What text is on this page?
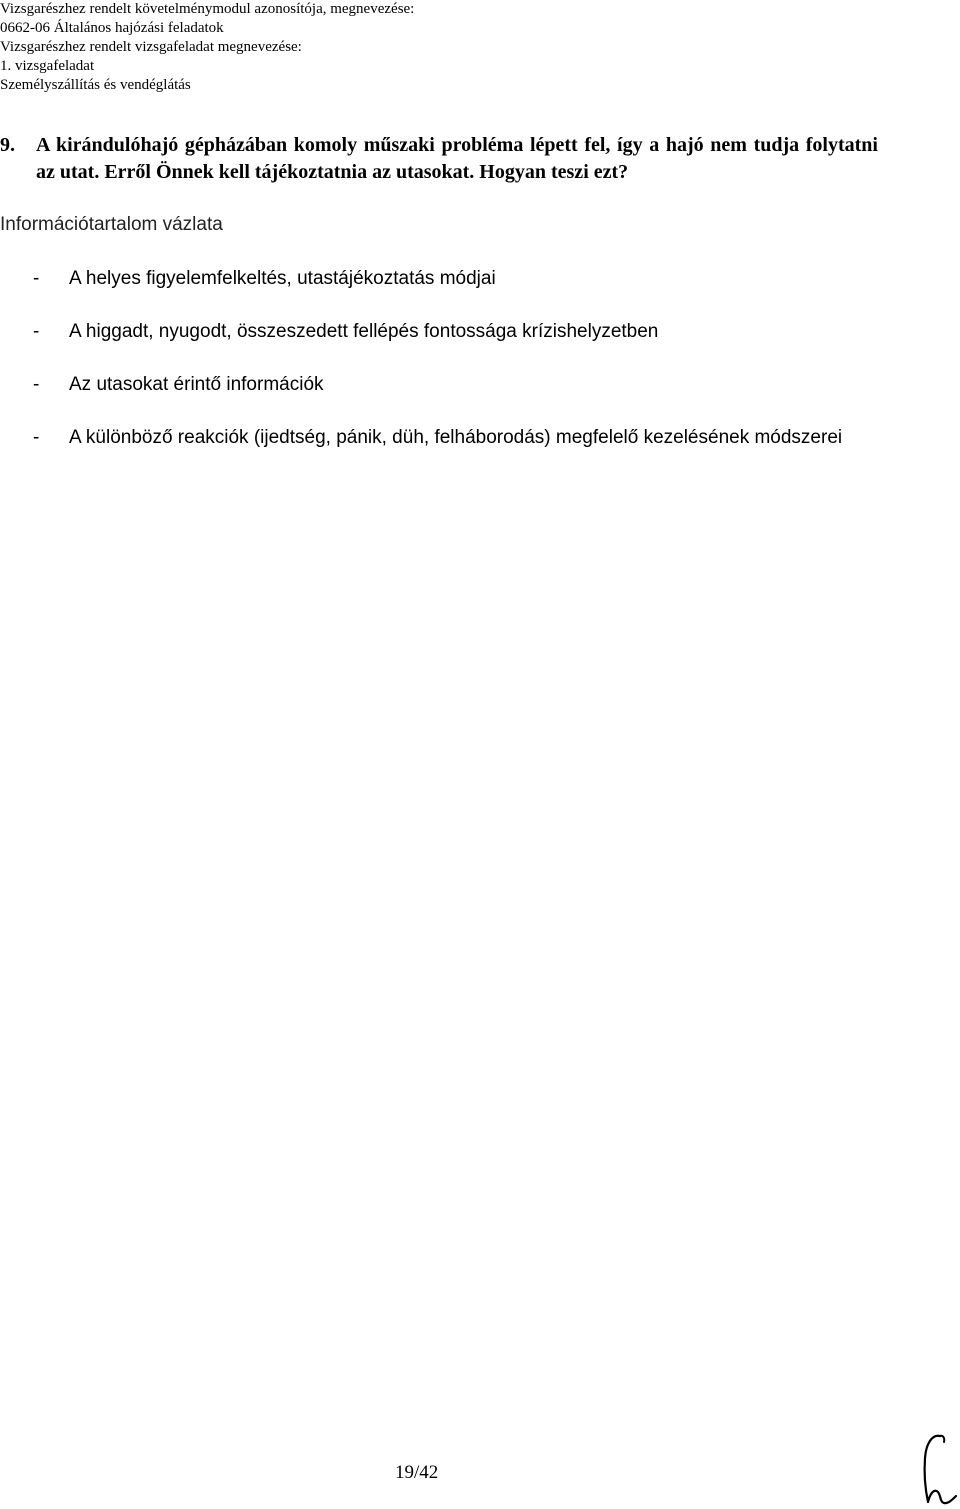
Vizsgarészhez rendelt követelménymodul azonosítója, megnevezése:
0662-06 Általános hajózási feladatok
Vizsgarészhez rendelt vizsgafeladat megnevezése:
1. vizsgafeladat
Személyszállítás és vendéglátás
9.	A kirándulóhajó gépházában komoly műszaki probléma lépett fel, így a hajó nem tudja folytatni az utat. Erről Önnek kell tájékoztatnia az utasokat. Hogyan teszi ezt?
Információtartalom vázlata
- A helyes figyelemfelkeltés, utastájékoztatás módjai
- A higgadt, nyugodt, összeszedett fellépés fontossága krízishelyzetben
- Az utasokat érintő információk
- A különböző reakciók (ijedtség, pánik, düh, felháborodás) megfelelő kezelésének módszerei
19/42
